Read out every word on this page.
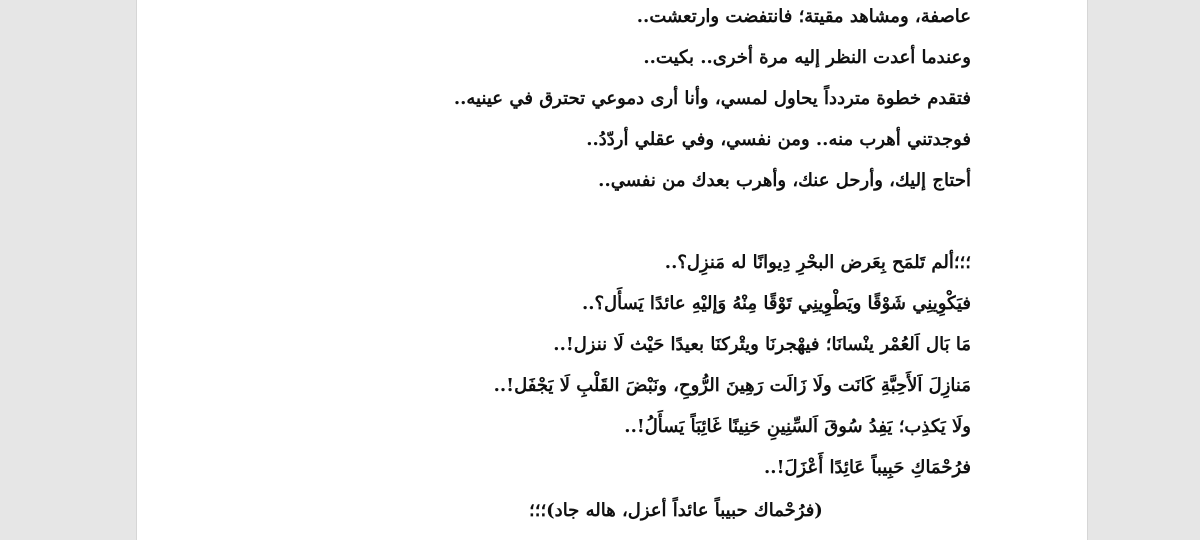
عاصفة، ومشاهد مقيتة؛ فانتفضت وارتعشت..
وعندما أعدت النظر إليه مرة أخرى.. بكيت..
فتقدم خطوة متردداً يحاول لمسي، وأنا أرى دموعي تحترق في عينيه..
فوجدتني أهرب منه.. ومن نفسي، وفي عقلي أردّدُ..
أحتاج إليك، وأرحل عنك، وأهرب بعدك من نفسي..
؛؛؛ألم تَلمَح بِعَرض البحْرِ دِيوانًا له مَنزِل؟..
فيَكْوِينِي شَوْقًا ويَطْوِينِي تَوْقًا مِنْهُ وَإليْهِ عائدًا يَسأَل؟..
مَا بَال اَلعُمْر ينْسانَا؛ فيهْجرنَا ويتْركنَا بعيدًا حَيْث لَا ننزل!..
مَنازِلَ اَلأَحِبَّةِ كَانَت ولَا زَالَت رَهِينَ الرُّوحِ، ونَبْضَ القَلْبِ لَا يَجْفَل!..
ولَا يَكذِب؛ يَفِدُ سُوقَ اَلسِّنِينِ حَنِينًا غَائِبَاً يَسأَلُ!..
فرُحْمَاكِ حَبِيباً عَائِدًا أَعْزَلَ!..
(فرُحْماك حبيباً عائداً أعزل، هاله جاد)؛؛؛
